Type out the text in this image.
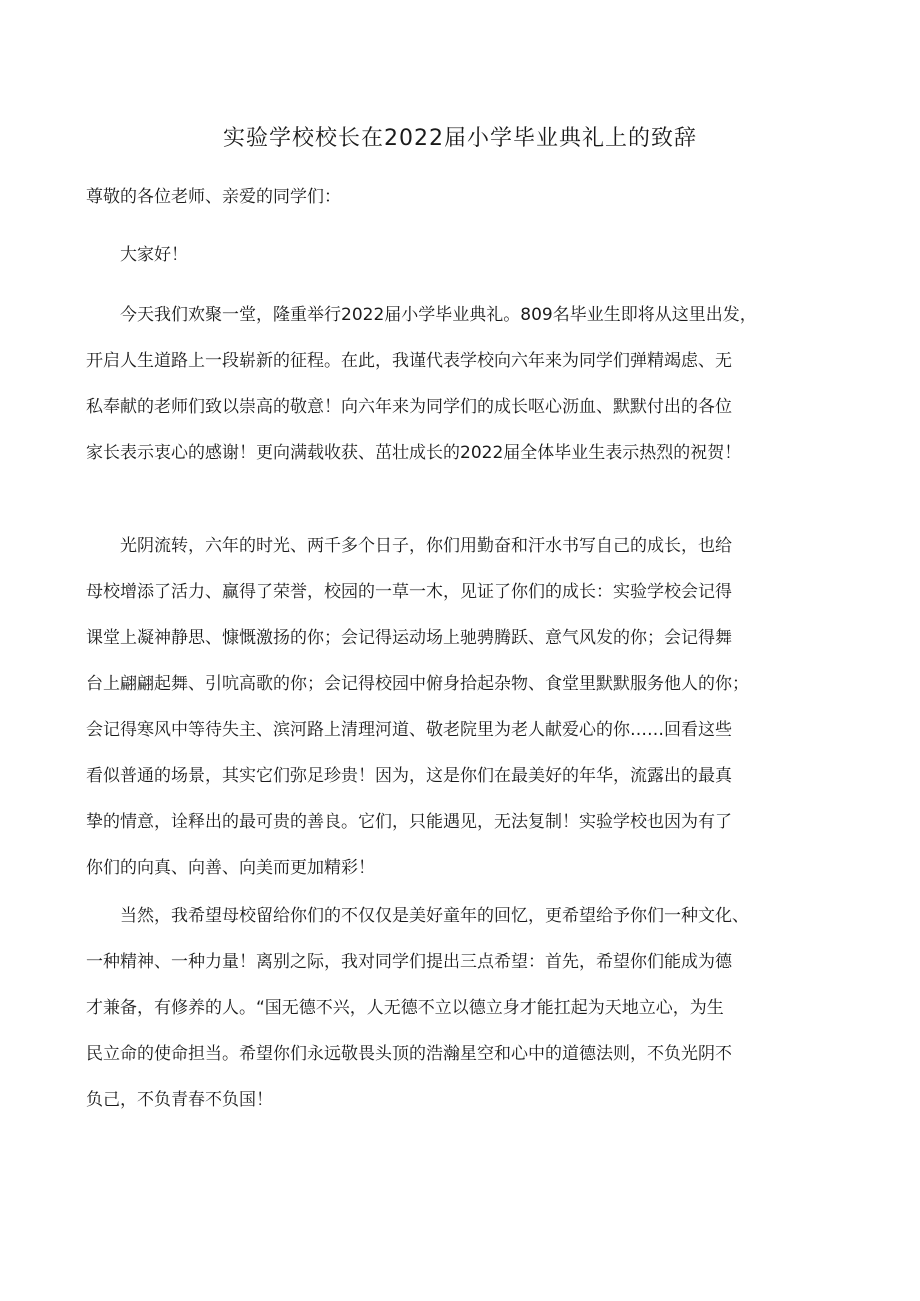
实验学校校长在2022届小学毕业典礼上的致辞
尊敬的各位老师、亲爱的同学们：
大家好！
今天我们欢聚一堂，隆重举行2022届小学毕业典礼。809名毕业生即将从这里出发，
开启人生道路上一段崭新的征程。在此，我谨代表学校向六年来为同学们弹精竭虑、无
私奉献的老师们致以崇高的敬意！向六年来为同学们的成长呕心沥血、默默付出的各位
家长表示衷心的感谢！更向满载收获、茁壮成长的2022届全体毕业生表示热烈的祝贺！
光阴流转，六年的时光、两千多个日子，你们用勤奋和汗水书写自己的成长，也给
母校增添了活力、赢得了荣誉，校园的一草一木，见证了你们的成长：实验学校会记得
课堂上凝神静思、慷慨激扬的你；会记得运动场上驰骋腾跃、意气风发的你；会记得舞
台上翩翩起舞、引吭高歌的你；会记得校园中俯身拾起杂物、食堂里默默服务他人的你；
会记得寒风中等待失主、滨河路上清理河道、敬老院里为老人献爱心的你……回看这些
看似普通的场景，其实它们弥足珍贵！因为，这是你们在最美好的年华，流露出的最真
挚的情意，诠释出的最可贵的善良。它们，只能遇见，无法复制！实验学校也因为有了
你们的向真、向善、向美而更加精彩！
当然，我希望母校留给你们的不仅仅是美好童年的回忆，更希望给予你们一种文化、
一种精神、一种力量！离别之际，我对同学们提出三点希望：首先，希望你们能成为德
才兼备，有修养的人。“国无德不兴，人无德不立以德立身才能扛起为天地立心，为生
民立命的使命担当。希望你们永远敬畏头顶的浩瀚星空和心中的道德法则，不负光阴不
负己，不负青春不负国！
